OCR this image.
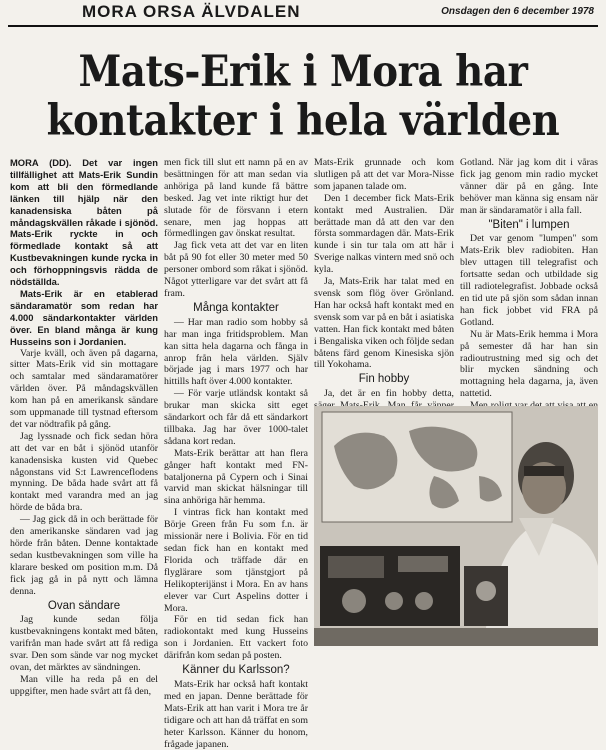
MORA ORSA ÄLVDALEN	Onsdagen den 6 december 1978
Mats-Erik i Mora har
kontakter i hela världen

MORA (DD). Det var ingen tillfällighet att Mats-Erik Sundin kom att bli den förmedlande länken till hjälp när den kanadensiska båten på måndagskvällen råkade i sjönöd. Mats-Erik ryckte in och förmedlade kontakt så att Kustbevakningen kunde rycka in och förhoppningsvis rädda de nödställda.

Mats-Erik är en etablerad sändaramatör som redan har 4.000 sändarkontakter världen över. En bland många är kung Husseins son i Jordanien.

Varje kväll, och även på dagarna, sitter Mats-Erik vid sin mottagare och samtalar med sändaramatörer världen över. På måndagskvällen kom han på en amerikansk sändare som uppmanade till tystnad eftersom det var nödtrafik på gång.

Jag lyssnade och fick sedan höra att det var en båt i sjönöd utanför kanadensiska kusten vid Quebec någonstans vid S:t Lawrenceflodens mynning. De båda hade svårt att få kontakt med varandra med an jag hörde de båda bra.

— Jag gick då in och berättade för den amerikanske sändaren vad jag hörde från båten. Denne kontaktade sedan kustbevakningen som ville ha klarare besked om position m.m. Då fick jag gå in på nytt och lämna denna.

Ovan sändare

Jag kunde sedan följa kustbevakningens kontakt med båten, varifrån man hade svårt att få rediga svar. Den som sände var nog mycket ovan, det märktes av sändningen.

Man ville ha reda på en del uppgifter, men hade svårt att få den,

men fick till slut ett namn på en av besättningen för att man sedan via anhöriga på land kunde få bättre besked. Jag vet inte riktigt hur det slutade för de försvann i etern senare, men jag hoppas att förmedlingen gav önskat resultat.

Jag fick veta att det var en liten båt på 90 fot eller 30 meter med 50 personer ombord som råkat i sjönöd. Något ytterligare var det svårt att få fram.

Många kontakter

— Har man radio som hobby så har man inga fritidsproblem. Man kan sitta hela dagarna och fånga in anrop från hela världen. Själv började jag i mars 1977 och har hittills haft över 4.000 kontakter.

— För varje utländsk kontakt så brukar man skicka sitt eget sändarkort och får då ett sändarkort tillbaka. Jag har över 1000-talet sådana kort redan.

Mats-Erik berättar att han flera gånger haft kontakt med FN-bataljonerna på Cypern och i Sinai varvid man skickat hälsningar till sina anhöriga här hemma.

I vintras fick han kontakt med Börje Green från Fu som f.n. är missionär nere i Bolivia. För en tid sedan fick han en kontakt med Florida och träffade där en flyglärare som tjänstgjort på Helikopterijänst i Mora. En av hans elever var Curt Aspelins dotter i Mora.

För en tid sedan fick han radiokontakt med kung Husseins son i Jordanien. Ett vackert foto därifrån kom sedan på posten.

Känner du Karlsson?

Mats-Erik har också haft kontakt med en japan. Denne berättade för Mats-Erik att han varit i Mora tre år tidigare och att han då träffat en som heter Karlsson. Känner du honom, frågade japanen.

Mats-Erik grunnade och kom slutligen på att det var Mora-Nisse som japanen talade om.

Den 1 december fick Mats-Erik kontakt med Australien. Där berättade man då att den var den första sommardagen där. Mats-Erik kunde i sin tur tala om att här i Sverige nalkas vintern med snö och kyla.

Ja, Mats-Erik har talat med en svensk som flög över Grönland. Han har också haft kontakt med en svensk som var på en båt i asiatiska vatten. Han fick kontakt med båten i Bengaliska viken och följde sedan båtens färd genom Kinesiska sjön till Yokohama.

Fin hobby

Ja, det är en fin hobby detta,

Gotland. När jag kom dit i våras fick jag genom min radio mycket vänner där på en gång. Inte behöver man känna sig ensam när man är sändaramatör i alla fall.

"Biten" i lumpen

Det var genom "lumpen" som Mats-Erik blev radiobiten. Han blev uttagen till telegrafist och fortsatte sedan och utbildade sig till radiotelegrafist. Jobbade också en tid ute på sjön som sådan innan han fick jobbet vid FRA på Gotland.

Nu är Mats-Erik hemma i Mora på semester då har han sin radioutrustning med sig och det blir mycken sändning och mottagning hela dagarna, ja, även nattetid.
